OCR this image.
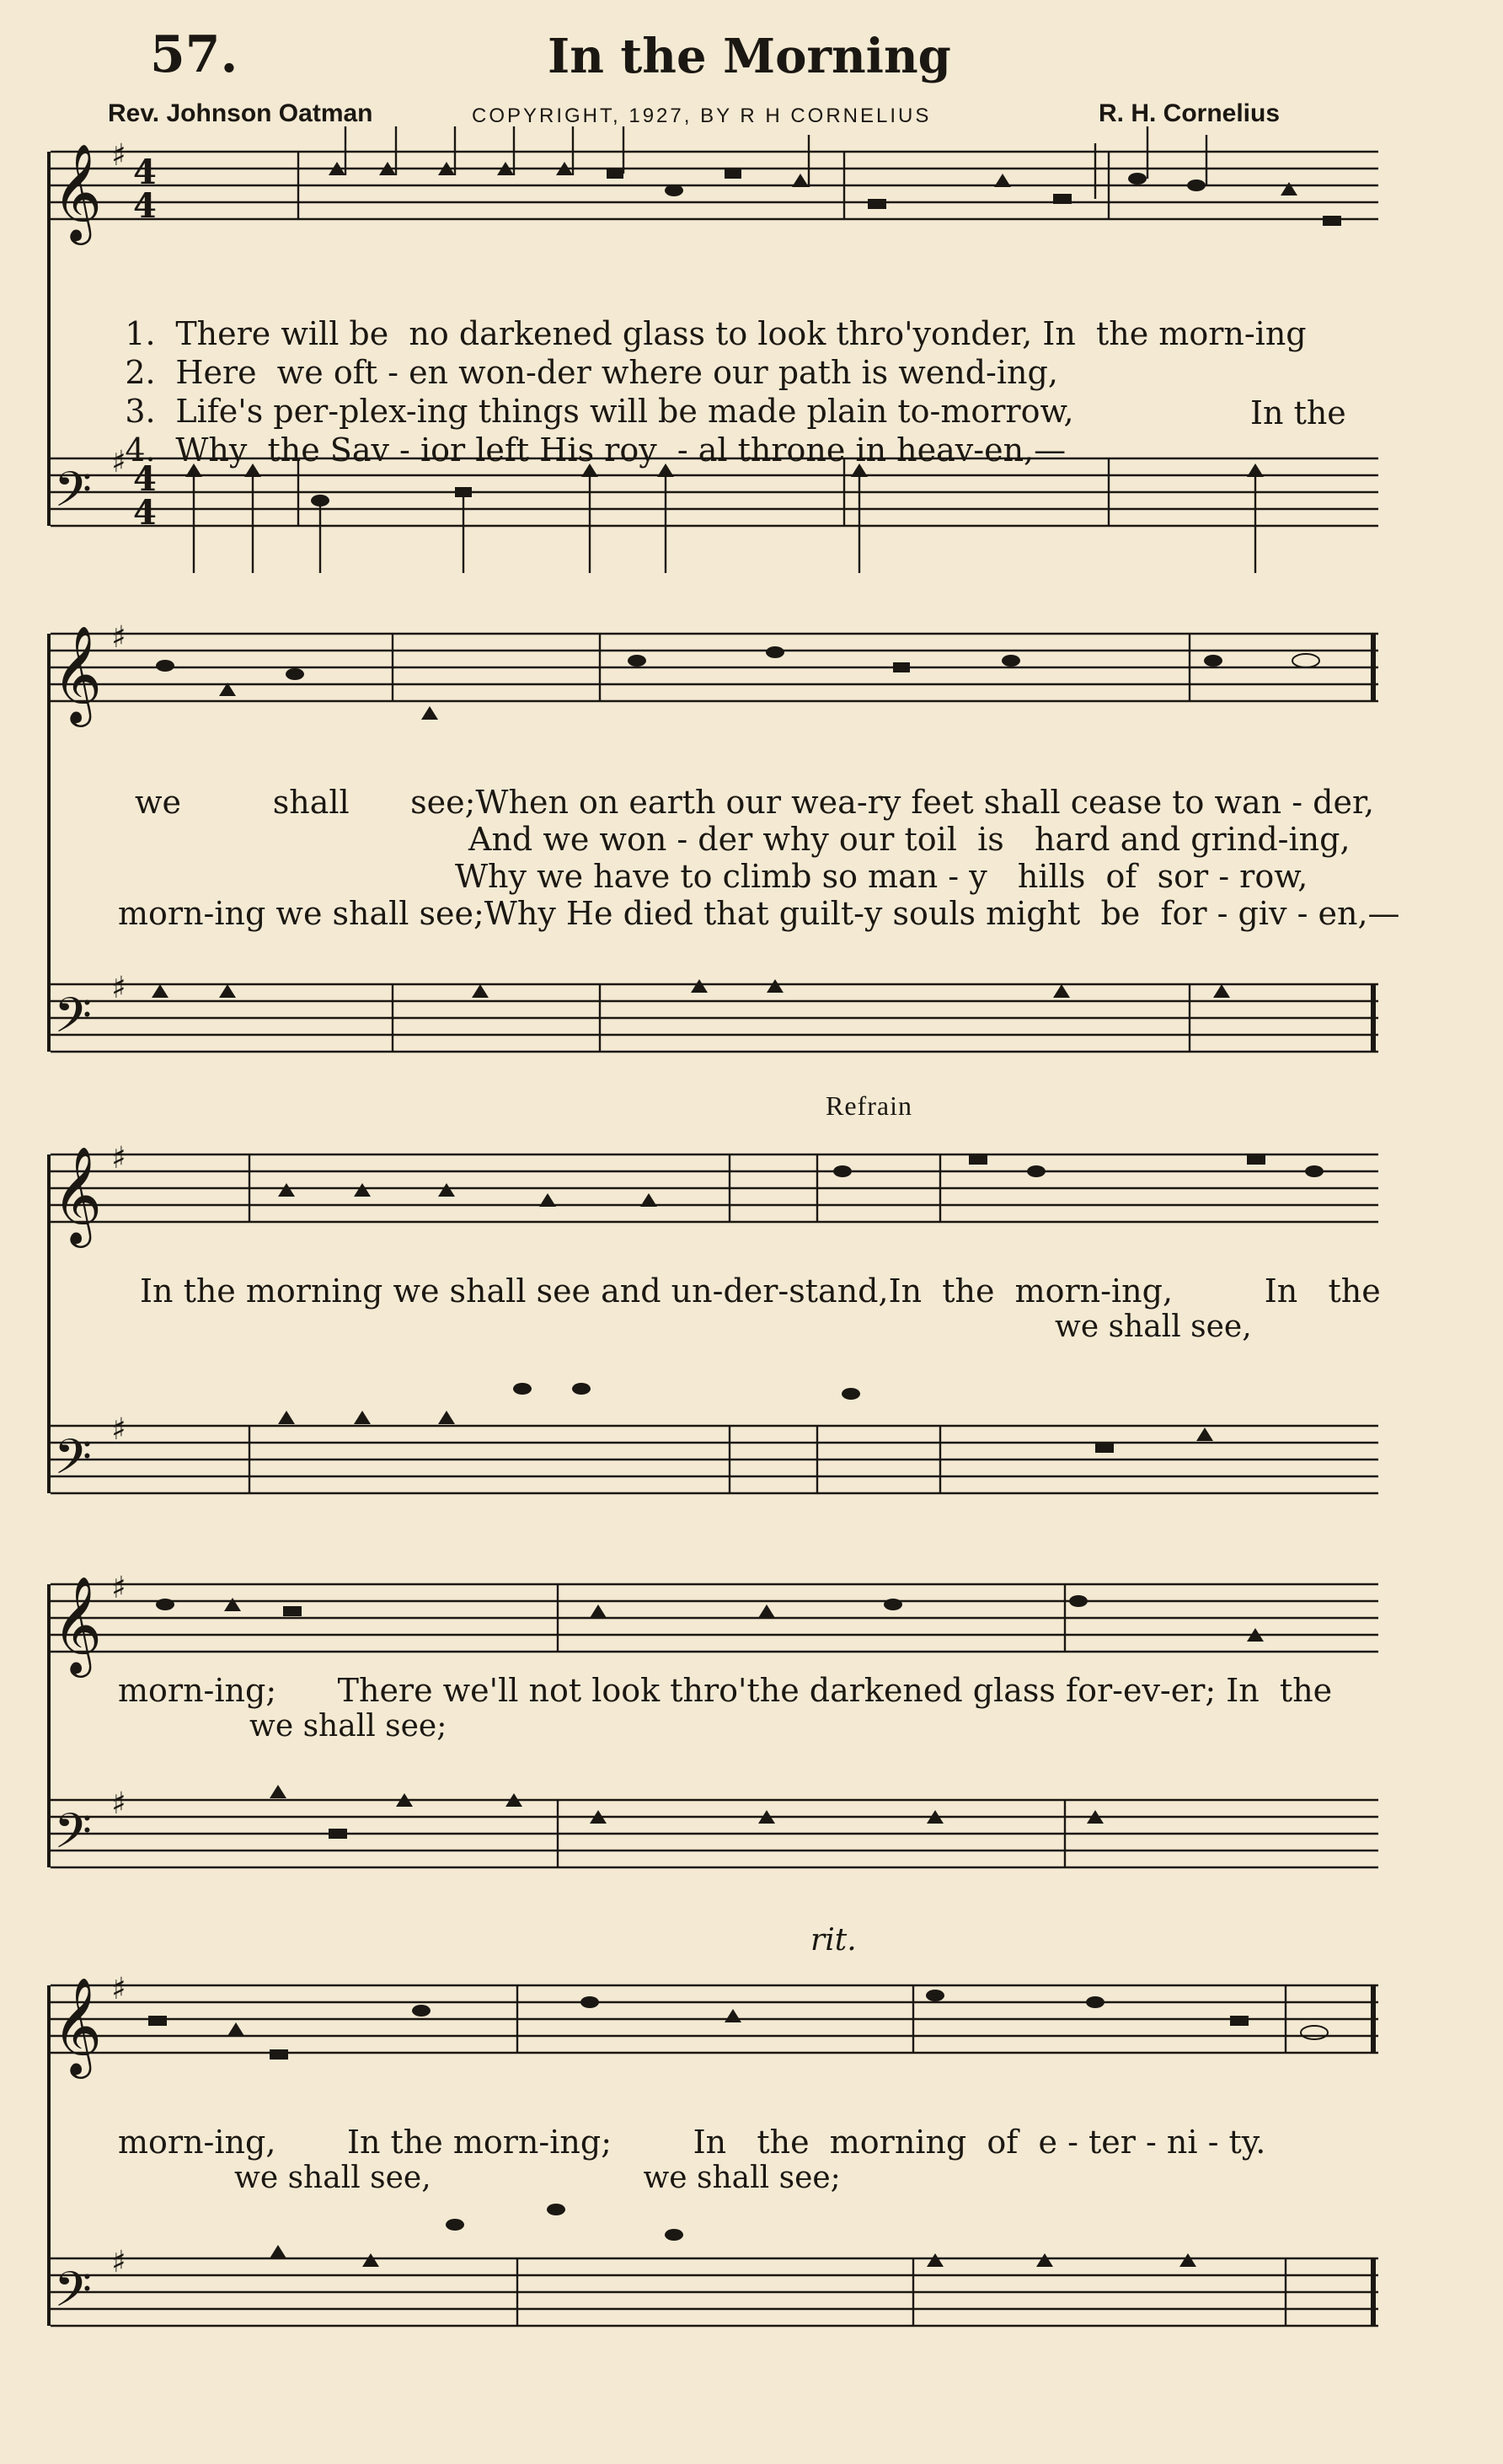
57.	In the Morning
Rev. Johnson Oatman	COPYRIGHT, 1927, BY R H CORNELIUS	R. H. Cornelius
𝄞
𝄞
𝄞
𝄞
𝄞
𝄢
𝄢
𝄢
𝄢
𝄢
♯
♯
♯
♯
♯
♯
♯
♯
♯
♯
4
4
4
4

1. There will be  no darkened glass to look thro'yonder, In  the morn-ing

2. Here  we oft - en won-der where our path is wend-ing,

3. Life's per-plex-ing things will be made plain to-morrow,

4. Why  the Sav - ior left His roy  - al throne in heav-en,—

In the
we         shall      see;When on earth our wea-ry feet shall cease to wan - der,
And we won - der why our toil  is   hard and grind-ing,
Why we have to climb so man - y   hills  of  sor - row,
morn-ing we shall see;Why He died that guilt-y souls might  be  for - giv - en,—
Refrain
In the morning we shall see and un-der-stand,In  the  morn-ing,         In   the
we shall see,
morn-ing;      There we'll not look thro'the darkened glass for-ev-er; In  the
we shall see;
rit.
morn-ing,       In the morn-ing;        In   the  morning  of  e - ter - ni - ty.
we shall see,                      we shall see;
